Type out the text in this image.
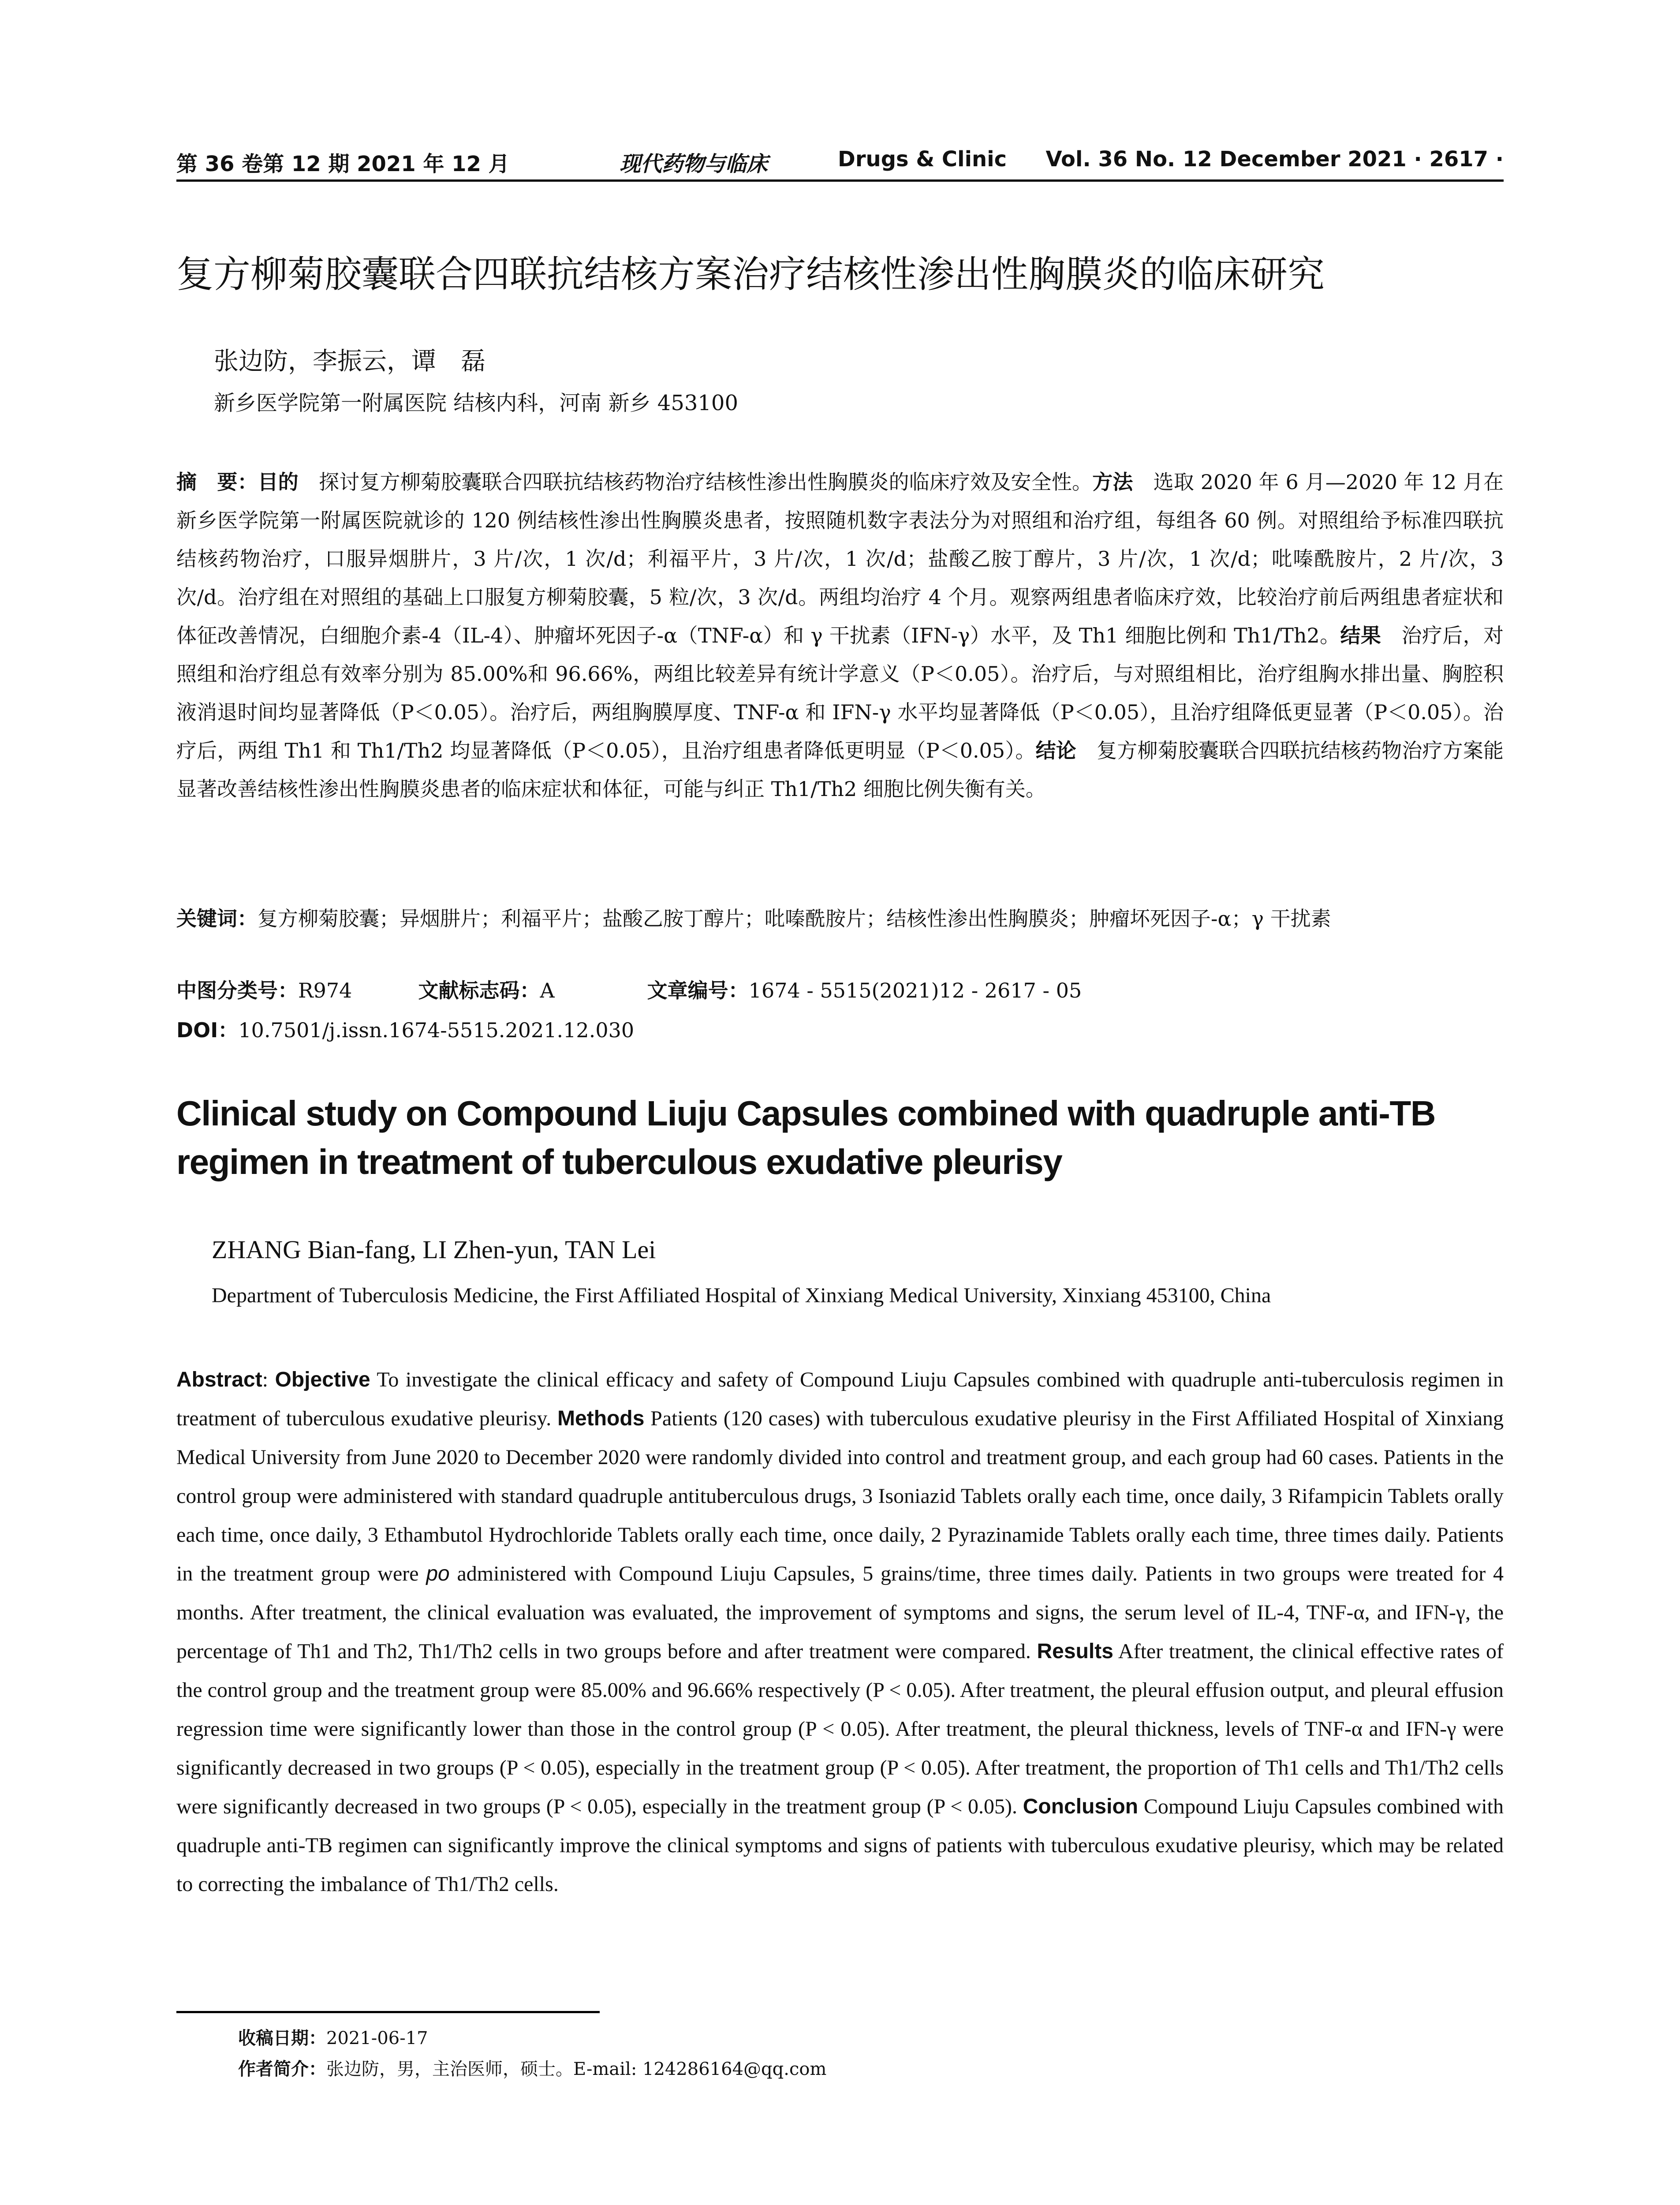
第 36 卷第 12 期 2021 年 12 月	现代药物与临床	Drugs & Clinic Vol. 36 No. 12 December 2021 · 2617 ·
复方柳菊胶囊联合四联抗结核方案治疗结核性渗出性胸膜炎的临床研究
张边防，李振云，谭　磊
新乡医学院第一附属医院 结核内科，河南 新乡 453100
摘　要：目的　探讨复方柳菊胶囊联合四联抗结核药物治疗结核性渗出性胸膜炎的临床疗效及安全性。方法　选取 2020 年 6 月—2020 年 12 月在新乡医学院第一附属医院就诊的 120 例结核性渗出性胸膜炎患者，按照随机数字表法分为对照组和治疗组，每组各 60 例。对照组给予标准四联抗结核药物治疗，口服异烟肼片，3 片/次，1 次/d；利福平片，3 片/次，1 次/d；盐酸乙胺丁醇片，3 片/次，1 次/d；吡嗪酰胺片，2 片/次，3 次/d。治疗组在对照组的基础上口服复方柳菊胶囊，5 粒/次，3 次/d。两组均治疗 4 个月。观察两组患者临床疗效，比较治疗前后两组患者症状和体征改善情况，白细胞介素-4（IL-4）、肿瘤坏死因子-α（TNF-α）和 γ 干扰素（IFN-γ）水平，及 Th1 细胞比例和 Th1/Th2。结果　治疗后，对照组和治疗组总有效率分别为 85.00%和 96.66%，两组比较差异有统计学意义（P＜0.05）。治疗后，与对照组相比，治疗组胸水排出量、胸腔积液消退时间均显著降低（P＜0.05）。治疗后，两组胸膜厚度、TNF-α 和 IFN-γ 水平均显著降低（P＜0.05），且治疗组降低更显著（P＜0.05）。治疗后，两组 Th1 和 Th1/Th2 均显著降低（P＜0.05），且治疗组患者降低更明显（P＜0.05）。结论　复方柳菊胶囊联合四联抗结核药物治疗方案能显著改善结核性渗出性胸膜炎患者的临床症状和体征，可能与纠正 Th1/Th2 细胞比例失衡有关。
关键词：复方柳菊胶囊；异烟肼片；利福平片；盐酸乙胺丁醇片；吡嗪酰胺片；结核性渗出性胸膜炎；肿瘤坏死因子-α；γ 干扰素
中图分类号：R974	文献标志码：A	文章编号：1674 - 5515(2021)12 - 2617 - 05
DOI：10.7501/j.issn.1674-5515.2021.12.030
Clinical study on Compound Liuju Capsules combined with quadruple anti-TB regimen in treatment of tuberculous exudative pleurisy
ZHANG Bian-fang, LI Zhen-yun, TAN Lei
Department of Tuberculosis Medicine, the First Affiliated Hospital of Xinxiang Medical University, Xinxiang 453100, China
Abstract: Objective To investigate the clinical efficacy and safety of Compound Liuju Capsules combined with quadruple anti-tuberculosis regimen in treatment of tuberculous exudative pleurisy. Methods Patients (120 cases) with tuberculous exudative pleurisy in the First Affiliated Hospital of Xinxiang Medical University from June 2020 to December 2020 were randomly divided into control and treatment group, and each group had 60 cases. Patients in the control group were administered with standard quadruple antituberculous drugs, 3 Isoniazid Tablets orally each time, once daily, 3 Rifampicin Tablets orally each time, once daily, 3 Ethambutol Hydrochloride Tablets orally each time, once daily, 2 Pyrazinamide Tablets orally each time, three times daily. Patients in the treatment group were po administered with Compound Liuju Capsules, 5 grains/time, three times daily. Patients in two groups were treated for 4 months. After treatment, the clinical evaluation was evaluated, the improvement of symptoms and signs, the serum level of IL-4, TNF-α, and IFN-γ, the percentage of Th1 and Th2, Th1/Th2 cells in two groups before and after treatment were compared. Results After treatment, the clinical effective rates of the control group and the treatment group were 85.00% and 96.66% respectively (P < 0.05). After treatment, the pleural effusion output, and pleural effusion regression time were significantly lower than those in the control group (P < 0.05). After treatment, the pleural thickness, levels of TNF-α and IFN-γ were significantly decreased in two groups (P < 0.05), especially in the treatment group (P < 0.05). After treatment, the proportion of Th1 cells and Th1/Th2 cells were significantly decreased in two groups (P < 0.05), especially in the treatment group (P < 0.05). Conclusion Compound Liuju Capsules combined with quadruple anti-TB regimen can significantly improve the clinical symptoms and signs of patients with tuberculous exudative pleurisy, which may be related to correcting the imbalance of Th1/Th2 cells.
收稿日期：2021-06-17
作者简介：张边防，男，主治医师，硕士。E-mail: 124286164@qq.com
